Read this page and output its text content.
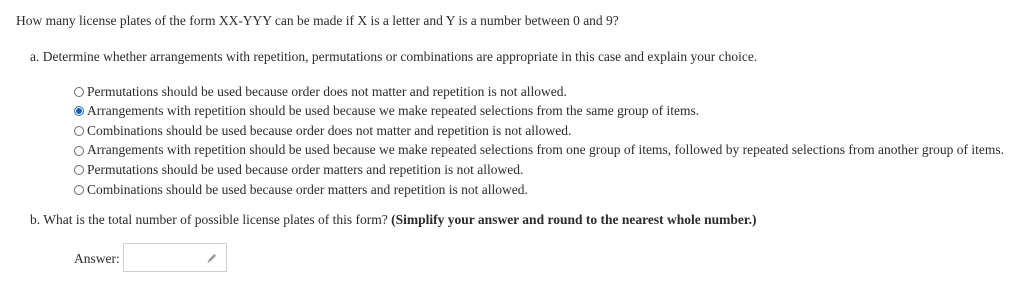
How many license plates of the form XX-YYY can be made if X is a letter and Y is a number between 0 and 9?
a. Determine whether arrangements with repetition, permutations or combinations are appropriate in this case and explain your choice.
Permutations should be used because order does not matter and repetition is not allowed.
Arrangements with repetition should be used because we make repeated selections from the same group of items.
Combinations should be used because order does not matter and repetition is not allowed.
Arrangements with repetition should be used because we make repeated selections from one group of items, followed by repeated selections from another group of items.
Permutations should be used because order matters and repetition is not allowed.
Combinations should be used because order matters and repetition is not allowed.
b. What is the total number of possible license plates of this form? (Simplify your answer and round to the nearest whole number.)
Answer:
